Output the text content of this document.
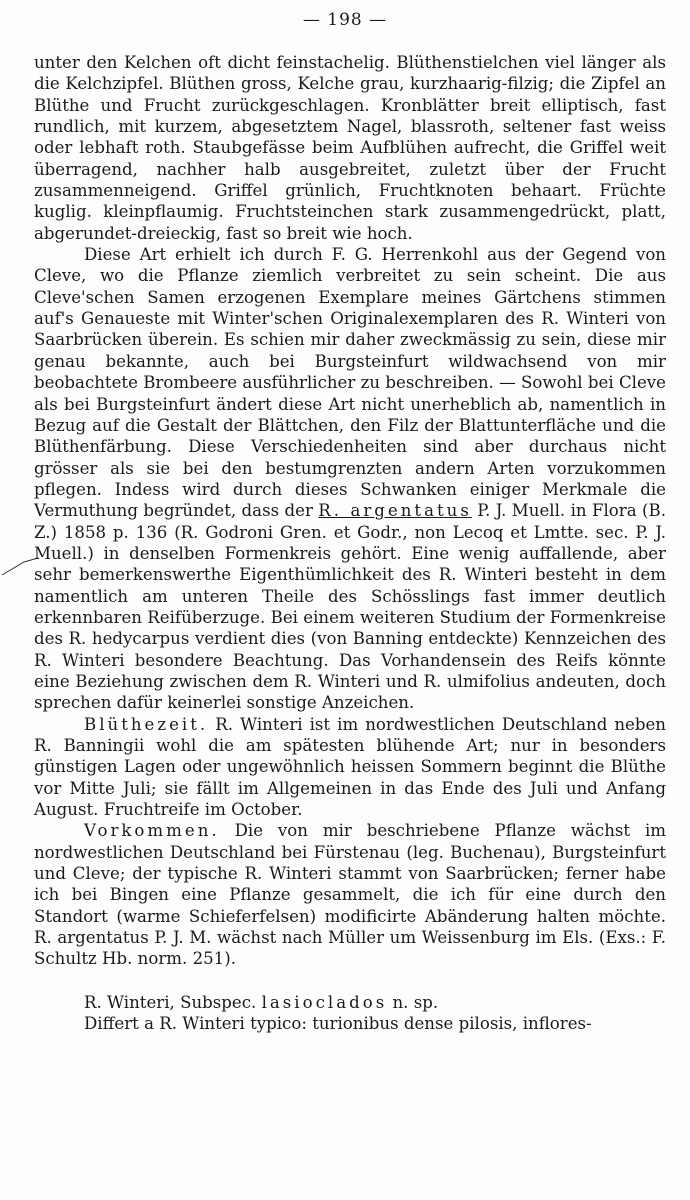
— 198 —

unter den Kelchen oft dicht feinstachelig. Blüthenstielchen viel länger als die Kelchzipfel. Blüthen gross, Kelche grau, kurzhaarig-filzig; die Zipfel an Blüthe und Frucht zurückgeschlagen. Kronblätter breit elliptisch, fast rundlich, mit kurzem, abgesetztem Nagel, blassroth, seltener fast weiss oder lebhaft roth. Staubgefässe beim Aufblühen aufrecht, die Griffel weit überragend, nachher halb ausgebreitet, zuletzt über der Frucht zusammenneigend. Griffel grünlich, Fruchtknoten behaart. Früchte kuglig. kleinpflaumig. Fruchtsteinchen stark zusammengedrückt, platt, abgerundet-dreieckig, fast so breit wie hoch.

Diese Art erhielt ich durch F. G. Herrenkohl aus der Gegend von Cleve, wo die Pflanze ziemlich verbreitet zu sein scheint. Die aus Cleve'schen Samen erzogenen Exemplare meines Gärtchens stimmen auf's Genaueste mit Winter'schen Originalexemplaren des R. Winteri von Saarbrücken überein. Es schien mir daher zweckmässig zu sein, diese mir genau bekannte, auch bei Burgsteinfurt wildwachsend von mir beobachtete Brombeere ausführlicher zu beschreiben. — Sowohl bei Cleve als bei Burgsteinfurt ändert diese Art nicht unerheblich ab, namentlich in Bezug auf die Gestalt der Blättchen, den Filz der Blattunterfläche und die Blüthenfärbung. Diese Verschiedenheiten sind aber durchaus nicht grösser als sie bei den bestumgrenzten andern Arten vorzukommen pflegen. Indess wird durch dieses Schwanken einiger Merkmale die Vermuthung begründet, dass der R. argentatus P. J. Muell. in Flora (B. Z.) 1858 p. 136 (R. Godroni Gren. et Godr., non Lecoq et Lmtte. sec. P. J. Muell.) in denselben Formenkreis gehört. Eine wenig auffallende, aber sehr bemerkenswerthe Eigenthümlichkeit des R. Winteri besteht in dem namentlich am unteren Theile des Schösslings fast immer deutlich erkennbaren Reifüberzuge. Bei einem weiteren Studium der Formenkreise des R. hedycarpus verdient dies (von Banning entdeckte) Kennzeichen des R. Winteri besondere Beachtung. Das Vorhandensein des Reifs könnte eine Beziehung zwischen dem R. Winteri und R. ulmifolius andeuten, doch sprechen dafür keinerlei sonstige Anzeichen.

Blüthezeit. R. Winteri ist im nordwestlichen Deutschland neben R. Banningii wohl die am spätesten blühende Art; nur in besonders günstigen Lagen oder ungewöhnlich heissen Sommern beginnt die Blüthe vor Mitte Juli; sie fällt im Allgemeinen in das Ende des Juli und Anfang August. Fruchtreife im October.

Vorkommen. Die von mir beschriebene Pflanze wächst im nordwestlichen Deutschland bei Fürstenau (leg. Buchenau), Burgsteinfurt und Cleve; der typische R. Winteri stammt von Saarbrücken; ferner habe ich bei Bingen eine Pflanze gesammelt, die ich für eine durch den Standort (warme Schieferfelsen) modificirte Abänderung halten möchte. R. argentatus P. J. M. wächst nach Müller um Weissenburg im Els. (Exs.: F. Schultz Hb. norm. 251).

R. Winteri, Subspec. lasioclados n. sp.

Differt a R. Winteri typico: turionibus dense pilosis, inflores-
